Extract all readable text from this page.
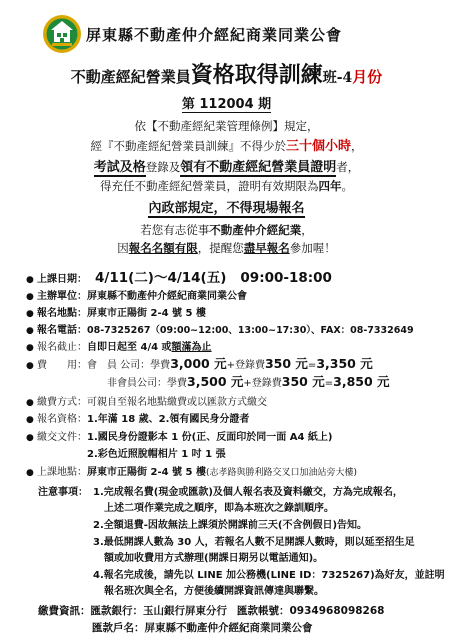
屏東縣不動產仲介經紀商業同業公會
不動產經紀營業員資格取得訓練班-4月份
第 112004 期
依【不動產經紀業管理條例】規定，
經『不動產經紀營業員訓練』不得少於三十個小時，
考試及格登錄及領有不動產經紀營業員證明者，
得充任不動產經紀營業員，證明有效期限為四年。
內政部規定，不得現場報名
若您有志從事不動產仲介經紀業，
因報名名額有限，提醒您盡早報名參加喔！
● 上課日期： 4/11(二)～4/14(五) 09:00-18:00
● 主辦單位：屏東縣不動產仲介經紀商業同業公會
● 報名地點：屏東市正陽街 2-4 號 5 樓
● 報名電話：08-7325267（09:00~12:00、13:00~17:30）、FAX：08-7332649
● 報名截止：自即日起至 4/4 或額滿為止
● 費　　用：會　員 公司：學費3,000 元+登錄費350 元=3,350 元
非會員公司：學費3,500 元+登錄費350 元=3,850 元
● 繳費方式：可親自至報名地點繳費或以匯款方式繳交
● 報名資格：1.年滿 18 歲、2.領有國民身分證者
● 繳交文件：1.國民身份證影本 1 份(正、反面印於同一面 A4 紙上)
2.彩色近照脫帽相片 1 吋 1 張
● 上課地點：屏東市正陽街 2-4 號 5 樓(志孝路與勝利路交叉口加油站旁大樓)
注意事項： 1.完成報名費(現金或匯款)及個人報名表及資料繳交，方為完成報名，
上述二項作業完成之順序，即為本班次之錄訓順序。
2.全額退費-因故無法上課須於開課前三天(不含例假日)告知。
3.最低開課人數為 30 人，若報名人數不足開課人數時，則以延至招生足
額或加收費用方式辦理(開課日期另以電話通知)。
4.報名完成後，請先以 LINE 加公務機(LINE ID：7325267)為好友，並註明
報名班次與全名，方便後續開課資訊傳達與聯繫。
繳費資訊：匯款銀行：玉山銀行屏東分行 匯款帳號：0934968098268
匯款戶名：屏東縣不動產仲介經紀商業同業公會
